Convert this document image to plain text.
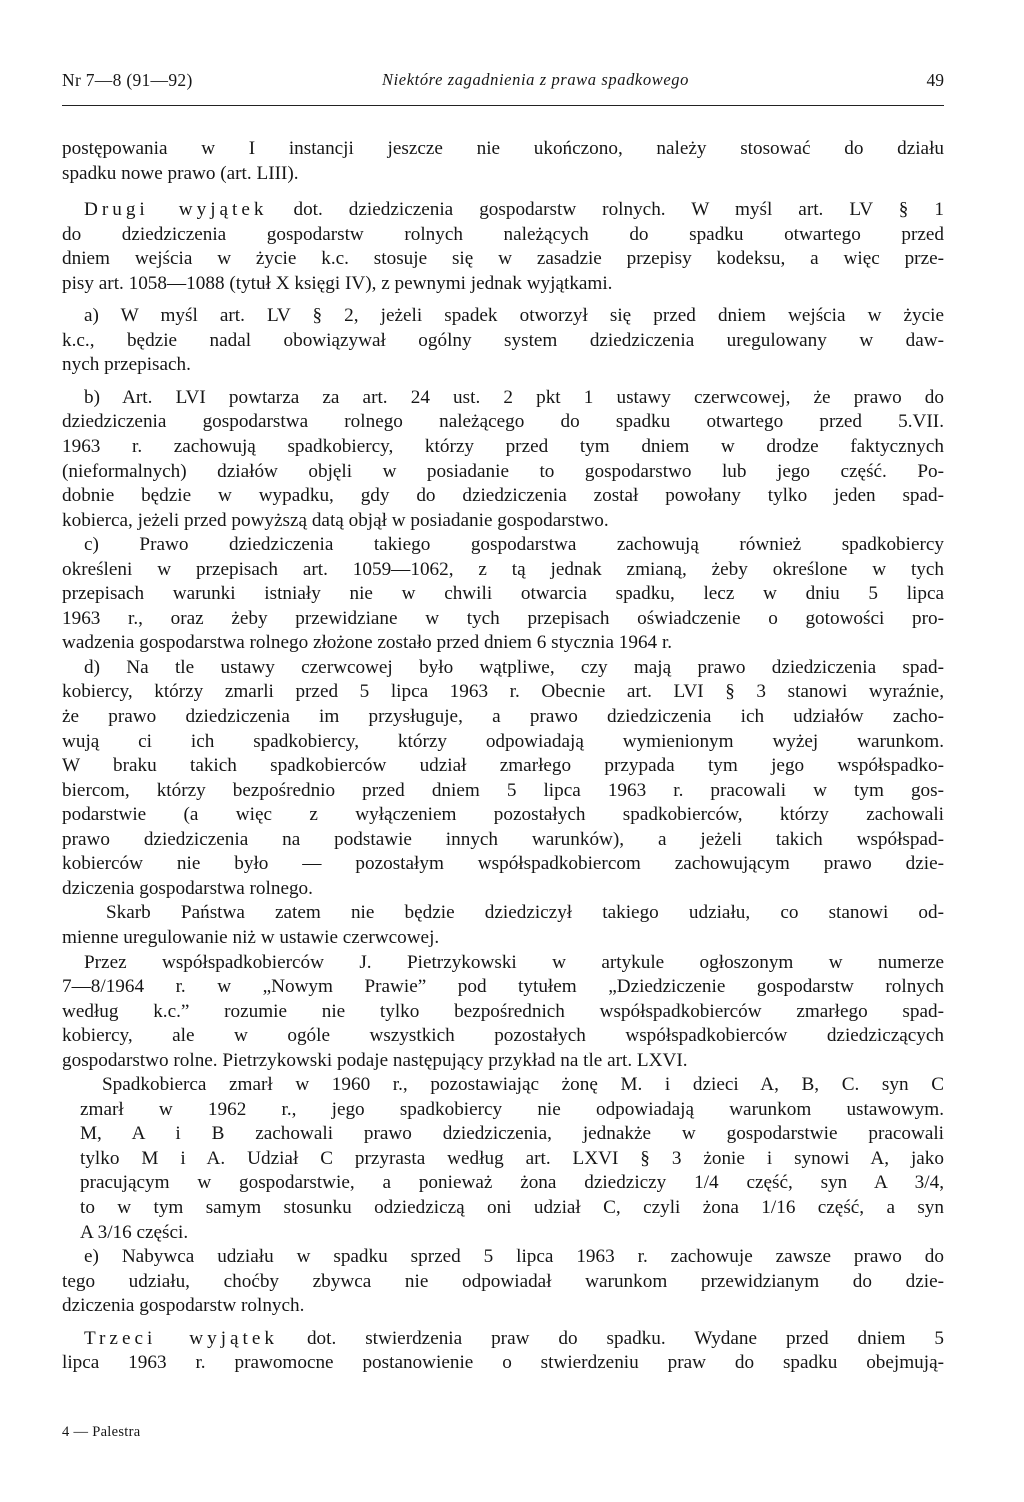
Nr 7—8 (91—92)	Niektóre zagadnienia z prawa spadkowego	49
postępowania w I instancji jeszcze nie ukończono, należy stosować do działu
spadku nowe prawo (art. LIII).
Drugi wyjątek dot. dziedziczenia gospodarstw rolnych. W myśl art. LV § 1
do dziedziczenia gospodarstw rolnych należących do spadku otwartego przed
dniem wejścia w życie k.c. stosuje się w zasadzie przepisy kodeksu, a więc prze-
pisy art. 1058—1088 (tytuł X księgi IV), z pewnymi jednak wyjątkami.
a) W myśl art. LV § 2, jeżeli spadek otworzył się przed dniem wejścia w życie
k.c., będzie nadal obowiązywał ogólny system dziedziczenia uregulowany w daw-
nych przepisach.
b) Art. LVI powtarza za art. 24 ust. 2 pkt 1 ustawy czerwcowej, że prawo do
dziedziczenia gospodarstwa rolnego należącego do spadku otwartego przed 5.VII.
1963 r. zachowują spadkobiercy, którzy przed tym dniem w drodze faktycznych
(nieformalnych) działów objęli w posiadanie to gospodarstwo lub jego część. Po-
dobnie będzie w wypadku, gdy do dziedziczenia został powołany tylko jeden spad-
kobierca, jeżeli przed powyższą datą objął w posiadanie gospodarstwo.
c) Prawo dziedziczenia takiego gospodarstwa zachowują również spadkobiercy
określeni w przepisach art. 1059—1062, z tą jednak zmianą, żeby określone w tych
przepisach warunki istniały nie w chwili otwarcia spadku, lecz w dniu 5 lipca
1963 r., oraz żeby przewidziane w tych przepisach oświadczenie o gotowości pro-
wadzenia gospodarstwa rolnego złożone zostało przed dniem 6 stycznia 1964 r.
d) Na tle ustawy czerwcowej było wątpliwe, czy mają prawo dziedziczenia spad-
kobiercy, którzy zmarli przed 5 lipca 1963 r. Obecnie art. LVI § 3 stanowi wyraźnie,
że prawo dziedziczenia im przysługuje, a prawo dziedziczenia ich udziałów zacho-
wują ci ich spadkobiercy, którzy odpowiadają wymienionym wyżej warunkom.
W braku takich spadkobierców udział zmarłego przypada tym jego współspadko-
biercom, którzy bezpośrednio przed dniem 5 lipca 1963 r. pracowali w tym gos-
podarstwie (a więc z wyłączeniem pozostałych spadkobierców, którzy zachowali
prawo dziedziczenia na podstawie innych warunków), a jeżeli takich współspad-
kobierców nie było — pozostałym współspadkobiercom zachowującym prawo dzie-
dziczenia gospodarstwa rolnego.
Skarb Państwa zatem nie będzie dziedziczył takiego udziału, co stanowi od-
mienne uregulowanie niż w ustawie czerwcowej.
Przez współspadkobierców J. Pietrzykowski w artykule ogłoszonym w numerze
7—8/1964 r. w „Nowym Prawie” pod tytułem „Dziedziczenie gospodarstw rolnych
według k.c.” rozumie nie tylko bezpośrednich współspadkobierców zmarłego spad-
kobiercy, ale w ogóle wszystkich pozostałych współspadkobierców dziedziczących
gospodarstwo rolne. Pietrzykowski podaje następujący przykład na tle art. LXVI.
Spadkobierca zmarł w 1960 r., pozostawiając żonę M. i dzieci A, B, C. syn C
zmarł w 1962 r., jego spadkobiercy nie odpowiadają warunkom ustawowym.
M, A i B zachowali prawo dziedziczenia, jednakże w gospodarstwie pracowali
tylko M i A. Udział C przyrasta według art. LXVI § 3 żonie i synowi A, jako
pracującym w gospodarstwie, a ponieważ żona dziedziczy 1/4 część, syn A 3/4,
to w tym samym stosunku odziedziczą oni udział C, czyli żona 1/16 część, a syn
A 3/16 części.
e) Nabywca udziału w spadku sprzed 5 lipca 1963 r. zachowuje zawsze prawo do
tego udziału, choćby zbywca nie odpowiadał warunkom przewidzianym do dzie-
dziczenia gospodarstw rolnych.
Trzeci wyjątek dot. stwierdzenia praw do spadku. Wydane przed dniem 5
lipca 1963 r. prawomocne postanowienie o stwierdzeniu praw do spadku obejmują-
4 — Palestra
